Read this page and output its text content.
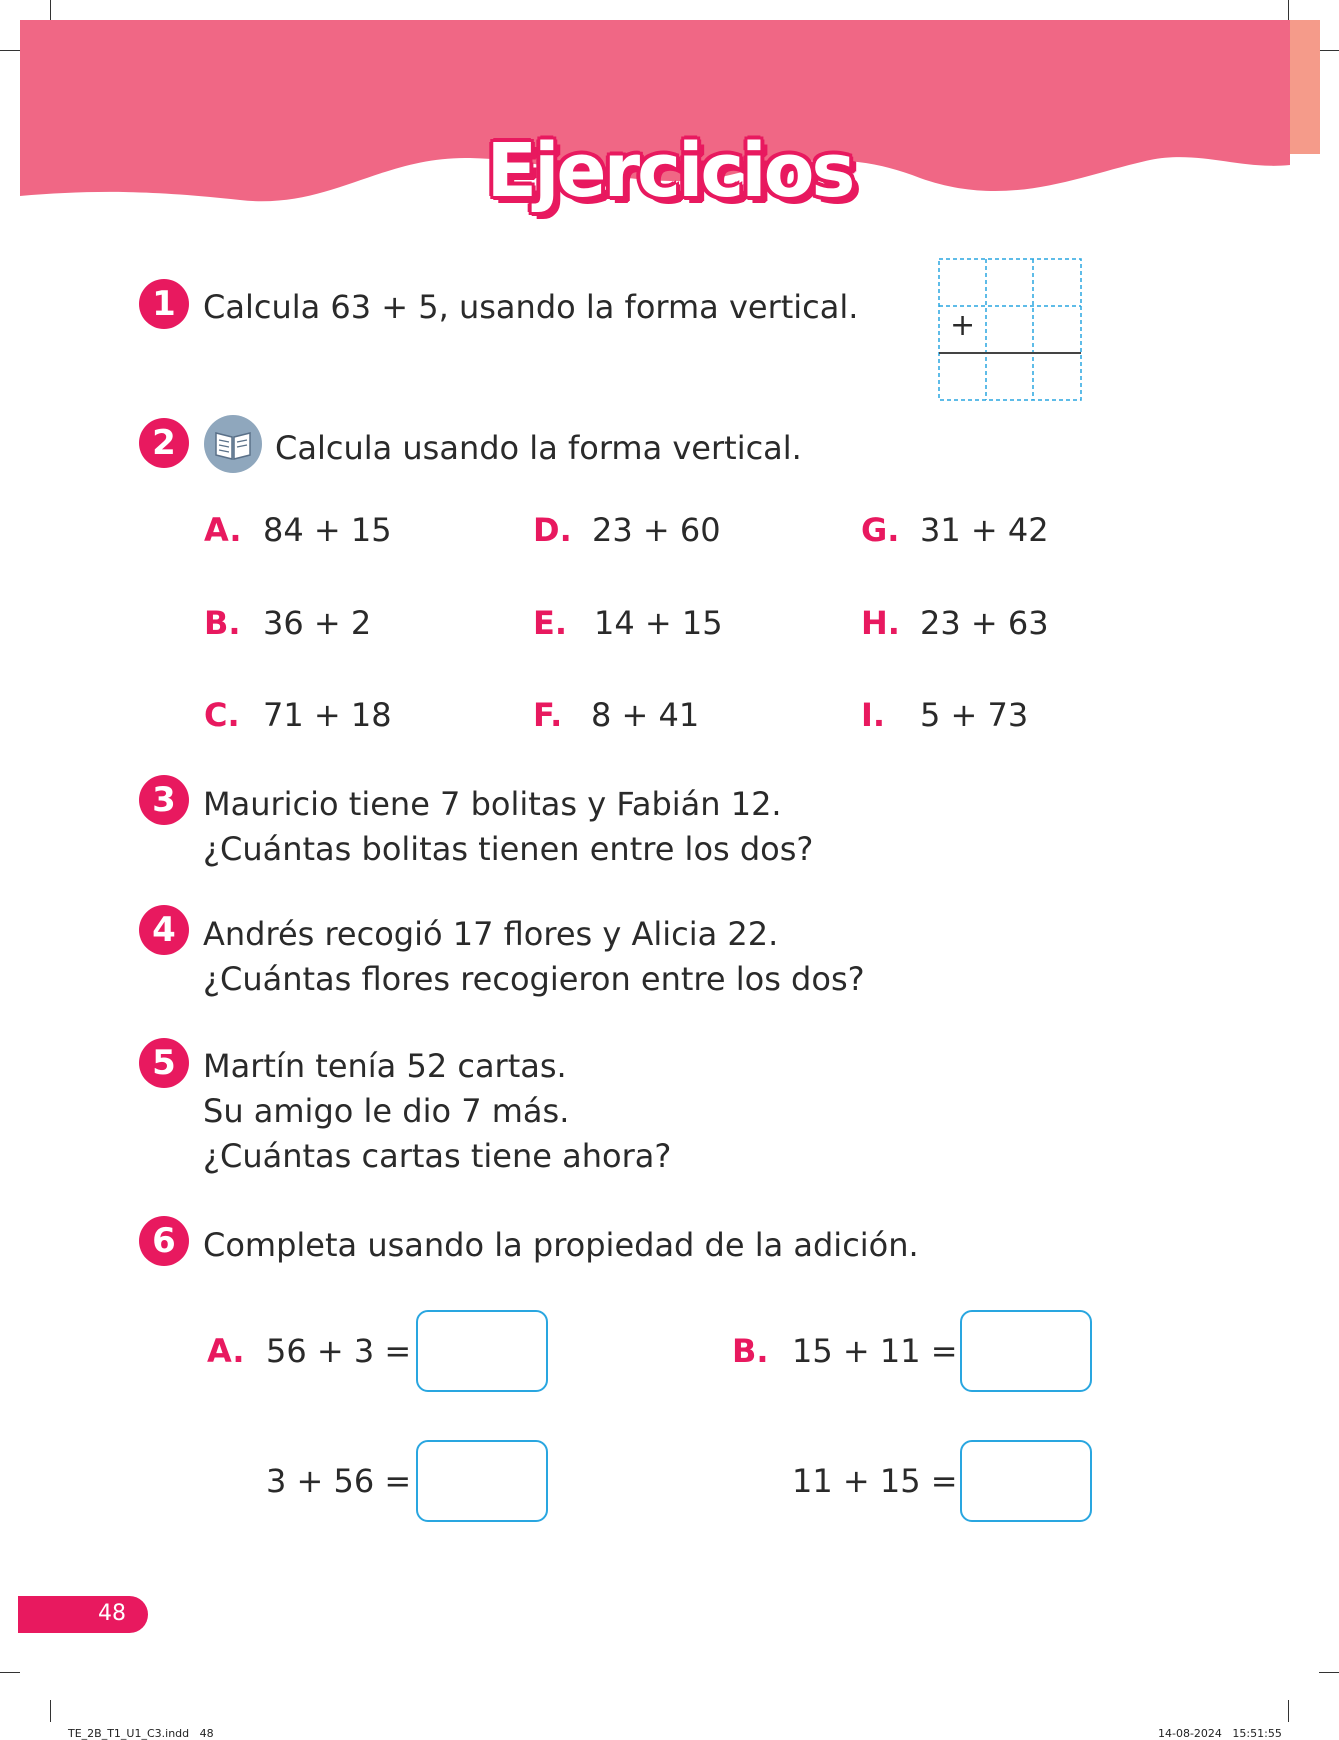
Ejercicios
1 Calcula 63 + 5, usando la forma vertical.	+
2	Calcula usando la forma vertical.
A. 84 + 15	D. 23 + 60	G. 31 + 42
B. 36 + 2	E. 14 + 15	H. 23 + 63
C. 71 + 18	F. 8 + 41	I. 5 + 73
3 Mauricio tiene 7 bolitas y Fabián 12.
¿Cuántas bolitas tienen entre los dos?
4 Andrés recogió 17 flores y Alicia 22.
¿Cuántas flores recogieron entre los dos?
5 Martín tenía 52 cartas.
Su amigo le dio 7 más.
¿Cuántas cartas tiene ahora?
6 Completa usando la propiedad de la adición.
A. 56 + 3 =
3 + 56 =
B. 15 + 11 =
11 + 15 =
48
TE_2B_T1_U1_C3.indd   48	14-08-2024   15:51:55
